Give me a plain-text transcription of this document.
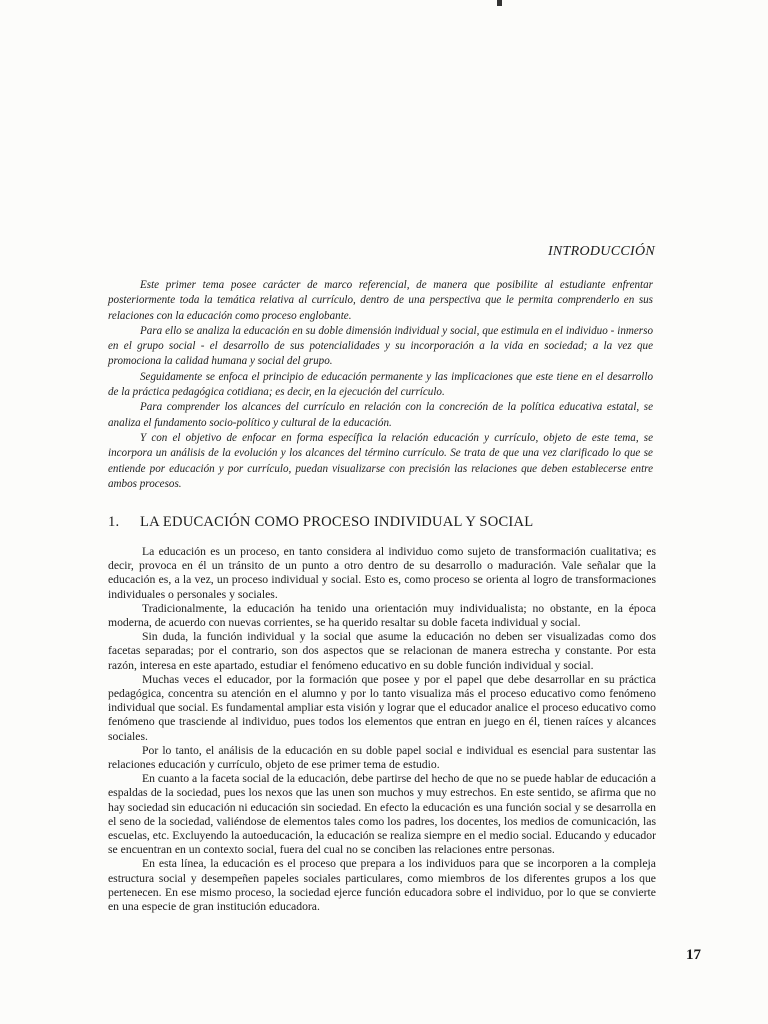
INTRODUCCIÓN

Este primer tema posee carácter de marco referencial, de manera que posibilite al estudiante enfrentar posteriormente toda la temática relativa al currículo, dentro de una perspectiva que le permita comprenderlo en sus relaciones con la educación como proceso englobante.

Para ello se analiza la educación en su doble dimensión individual y social, que estimula en el individuo - inmerso en el grupo social - el desarrollo de sus potencialidades y su incorporación a la vida en sociedad; a la vez que promociona la calidad humana y social del grupo.

Seguidamente se enfoca el principio de educación permanente y las implicaciones que este tiene en el desarrollo de la práctica pedagógica cotidiana; es decir, en la ejecución del currículo.

Para comprender los alcances del currículo en relación con la concreción de la política educativa estatal, se analiza el fundamento socio-político y cultural de la educación.

Y con el objetivo de enfocar en forma específica la relación educación y currículo, objeto de este tema, se incorpora un análisis de la evolución y los alcances del término currículo. Se trata de que una vez clarificado lo que se entiende por educación y por currículo, puedan visualizarse con precisión las relaciones que deben establecerse entre ambos procesos.

1. LA EDUCACIÓN COMO PROCESO INDIVIDUAL Y SOCIAL

La educación es un proceso, en tanto considera al individuo como sujeto de transformación cualitativa; es decir, provoca en él un tránsito de un punto a otro dentro de su desarrollo o maduración. Vale señalar que la educación es, a la vez, un proceso individual y social. Esto es, como proceso se orienta al logro de transformaciones individuales o personales y sociales.

Tradicionalmente, la educación ha tenido una orientación muy individualista; no obstante, en la época moderna, de acuerdo con nuevas corrientes, se ha querido resaltar su doble faceta individual y social.

Sin duda, la función individual y la social que asume la educación no deben ser visualizadas como dos facetas separadas; por el contrario, son dos aspectos que se relacionan de manera estrecha y constante. Por esta razón, interesa en este apartado, estudiar el fenómeno educativo en su doble función individual y social.

Muchas veces el educador, por la formación que posee y por el papel que debe desarrollar en su práctica pedagógica, concentra su atención en el alumno y por lo tanto visualiza más el proceso educativo como fenómeno individual que social. Es fundamental ampliar esta visión y lograr que el educador analice el proceso educativo como fenómeno que trasciende al individuo, pues todos los elementos que entran en juego en él, tienen raíces y alcances sociales.

Por lo tanto, el análisis de la educación en su doble papel social e individual es esencial para sustentar las relaciones educación y currículo, objeto de ese primer tema de estudio.

En cuanto a la faceta social de la educación, debe partirse del hecho de que no se puede hablar de educación a espaldas de la sociedad, pues los nexos que las unen son muchos y muy estrechos. En este sentido, se afirma que no hay sociedad sin educación ni educación sin sociedad. En efecto la educación es una función social y se desarrolla en el seno de la sociedad, valiéndose de elementos tales como los padres, los docentes, los medios de comunicación, las escuelas, etc. Excluyendo la autoeducación, la educación se realiza siempre en el medio social. Educando y educador se encuentran en un contexto social, fuera del cual no se conciben las relaciones entre personas.

En esta línea, la educación es el proceso que prepara a los individuos para que se incorporen a la compleja estructura social y desempeñen papeles sociales particulares, como miembros de los diferentes grupos a los que pertenecen. En ese mismo proceso, la sociedad ejerce función educadora sobre el individuo, por lo que se convierte en una especie de gran institución educadora.

17
